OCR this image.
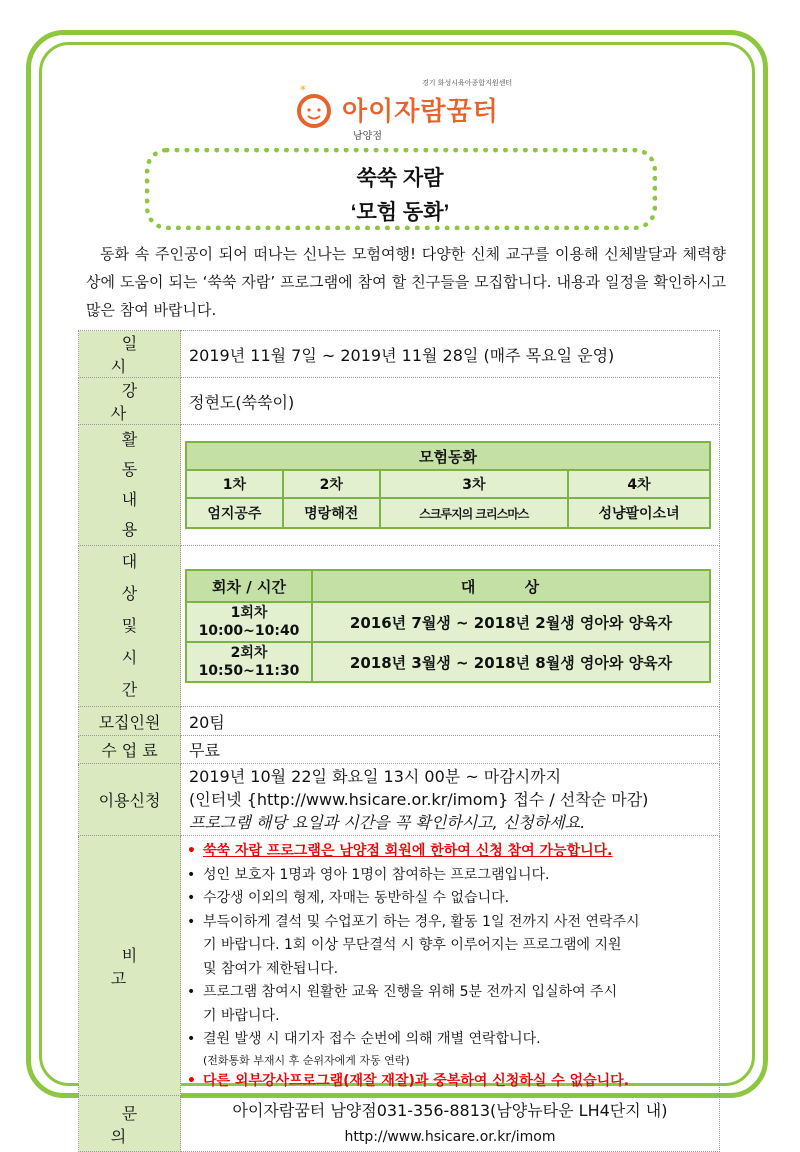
*	경기 화성시육아종합지원센터
아이자람꿈터
남양점
쑥쑥 자람
‘모험 동화’
동화 속 주인공이 되어 떠나는 신나는 모험여행! 다양한 신체 교구를 이용해 신체발달과 체력향상에 도움이 되는 ‘쑥쑥 자람’ 프로그램에 참여 할 친구들을 모집합니다. 내용과 일정을 확인하시고 많은 참여 바랍니다.
일 시	2019년 11월 7일 ~ 2019년 11월 28일 (매주 목요일 운영)
강 사	정현도(쑥쑥이)

활 동
내 용

모험동화
1차	2차	3차	4차
엄지공주	명랑해전	스크루지의 크리스마스	성냥팔이소녀

대 상
및
시 간

회차 / 시간	대 상

1회차
10:00~10:40	2016년 7월생 ~ 2018년 2월생 영아와 양육자

2회차
10:50~11:30	2018년 3월생 ~ 2018년 8월생 영아와 양육자

모집인원	20팀
수 업 료	무료
이용신청	
2019년 10월 22일 화요일 13시 00분 ~ 마감시까지
(인터넷 {http://www.hsicare.or.kr/imom} 접수 / 선착순 마감)
프로그램 해당 요일과 시간을 꼭 확인하시고, 신청하세요.

비 고	
• 쑥쑥 자람 프로그램은 남양점 회원에 한하여 신청 참여 가능합니다.
• 성인 보호자 1명과 영아 1명이 참여하는 프로그램입니다.
• 수강생 이외의 형제, 자매는 동반하실 수 없습니다.
• 부득이하게 결석 및 수업포기 하는 경우, 활동 1일 전까지 사전 연락주시
기 바랍니다. 1회 이상 무단결석 시 향후 이루어지는 프로그램에 지원
및 참여가 제한됩니다.
• 프로그램 참여시 원활한 교육 진행을 위해 5분 전까지 입실하여 주시
기 바랍니다.
• 결원 발생 시 대기자 접수 순번에 의해 개별 연락합니다.
(전화통화 부재시 후 순위자에게 자동 연락)
• 다른 외부강사프로그램(재잘 재잘)과 중복하여 신청하실 수 없습니다.

문 의	
아이자람꿈터 남양점031-356-8813(남양뉴타운 LH4단지 내)
http://www.hsicare.or.kr/imom
